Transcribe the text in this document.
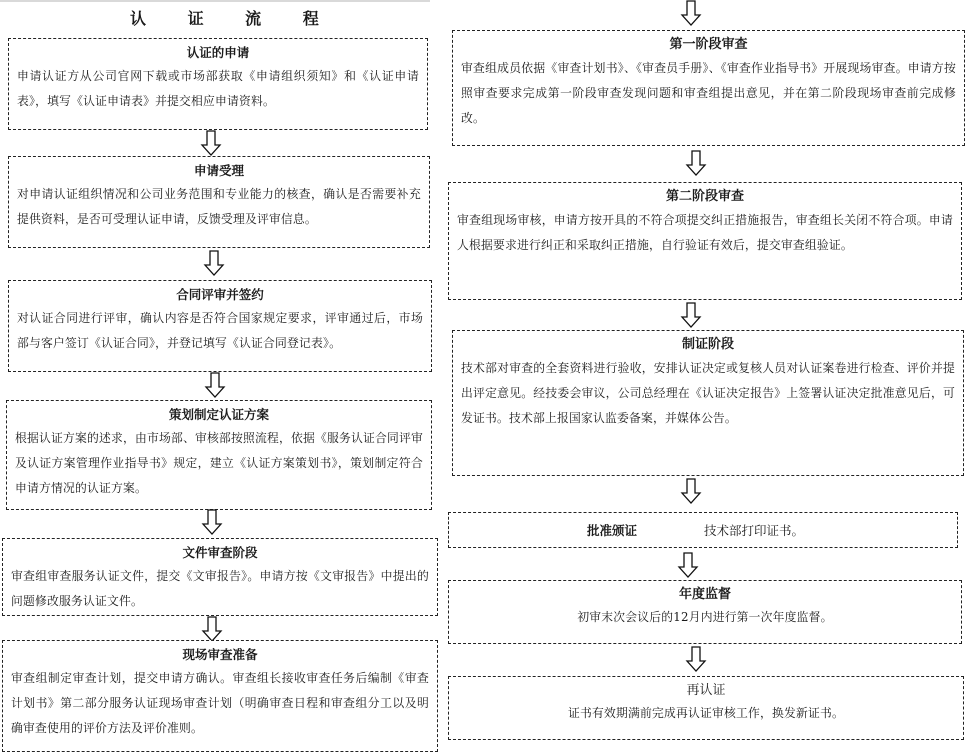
认 证 流 程
认证的申请
申请认证方从公司官网下载或市场部获取《申请组织须知》和《认证申请表》，填写《认证申请表》并提交相应申请资料。
申请受理
对申请认证组织情况和公司业务范围和专业能力的核查，确认是否需要补充提供资料，是否可受理认证申请，反馈受理及评审信息。
合同评审并签约
对认证合同进行评审，确认内容是否符合国家规定要求，评审通过后，市场部与客户签订《认证合同》，并登记填写《认证合同登记表》。
策划制定认证方案
根据认证方案的述求，由市场部、审核部按照流程，依据《服务认证合同评审及认证方案管理作业指导书》规定，建立《认证方案策划书》，策划制定符合申请方情况的认证方案。
文件审查阶段
审查组审查服务认证文件，提交《文审报告》。申请方按《文审报告》中提出的问题修改服务认证文件。
现场审查准备
审查组制定审查计划，提交申请方确认。审查组长接收审查任务后编制《审查计划书》第二部分服务认证现场审查计划（明确审查日程和审查组分工以及明确审查使用的评价方法及评价准则。
第一阶段审查
审查组成员依据《审查计划书》、《审查员手册》、《审查作业指导书》开展现场审查。申请方按照审查要求完成第一阶段审查发现问题和审查组提出意见，并在第二阶段现场审查前完成修改。
第二阶段审查
审查组现场审核，申请方按开具的不符合项提交纠正措施报告，审查组长关闭不符合项。申请人根据要求进行纠正和采取纠正措施，自行验证有效后，提交审查组验证。
制证阶段
技术部对审查的全套资料进行验收，安排认证决定或复核人员对认证案卷进行检查、评价并提出评定意见。经技委会审议，公司总经理在《认证决定报告》上签署认证决定批准意见后，可发证书。技术部上报国家认监委备案，并媒体公告。
批准颁证	技术部打印证书。
年度监督
初审末次会议后的12月内进行第一次年度监督。
再认证
证书有效期满前完成再认证审核工作，换发新证书。
